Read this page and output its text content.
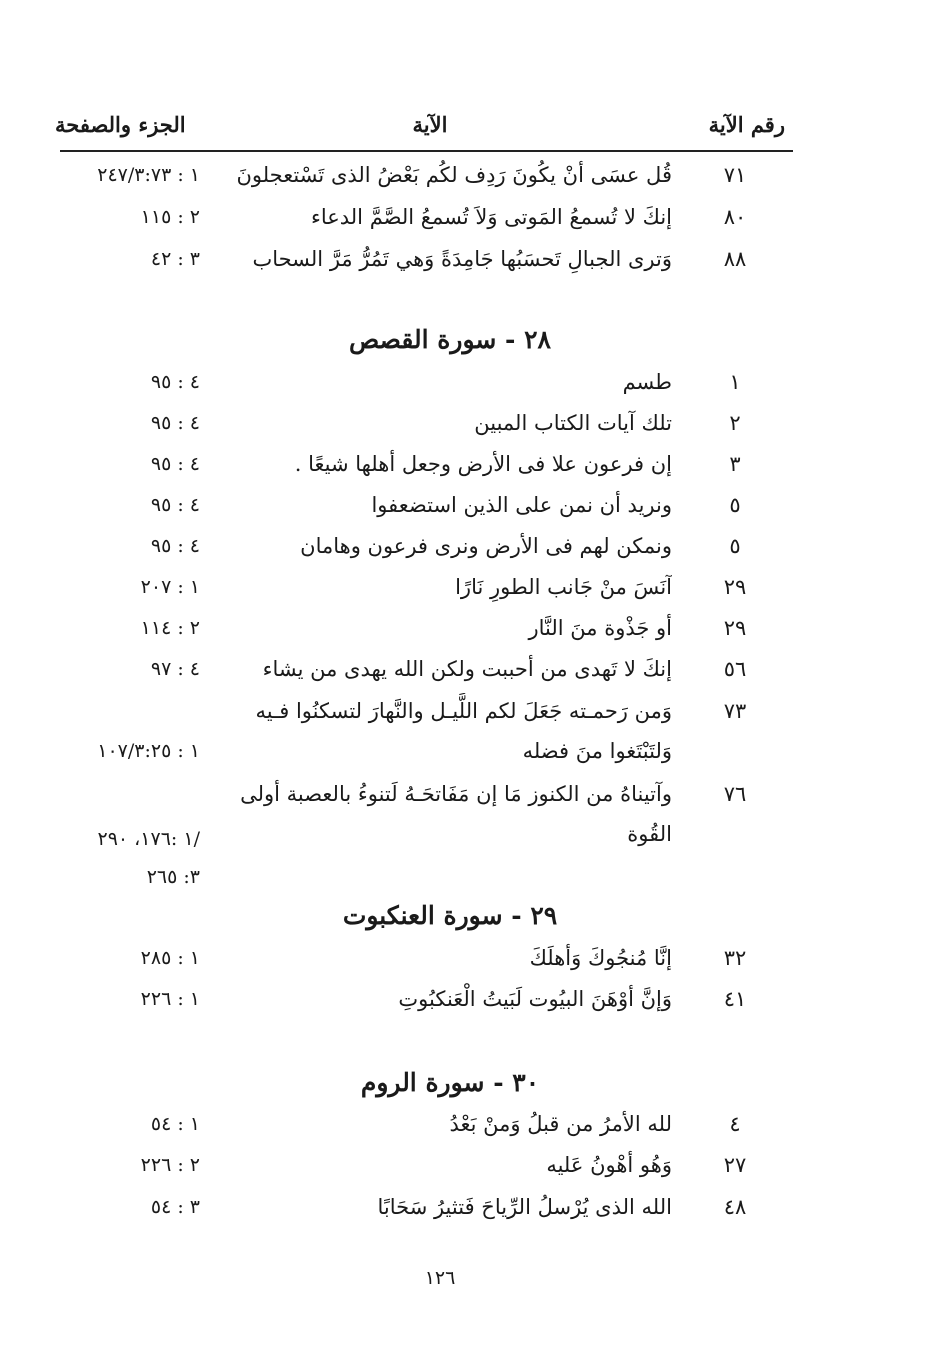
رقم الآية
الآية
الجزء والصفحة
٧١
قُل عسَى أنْ يكُونَ رَدِف لكُم بَعْضُ الذى تَسْتعجلونَ
١ : ٢٤٧/٣:٧٣
٨٠
إنكَ لا تُسمعُ المَوتى وَلاَ تُسمعُ الصَّمَّ الدعاء
٢ : ١١٥
٨٨
وَترى الجبالِ تَحسَبُها جَامِدَةً وَهي تَمُرُّ مَرَّ السحاب
٣ : ٤٢
٢٨ - سورة القصص
١
طسم
٤ : ٩٥
٢
تلك آيات الكتاب المبين
٤ : ٩٥
٣
إن فرعون علا فى الأرض وجعل أهلها شيعًا .
٤ : ٩٥
٥
ونريد أن نمن على الذين استضعفوا
٤ : ٩٥
٥
ونمكن لهم فى الأرض ونرى فرعون وهامان
٤ : ٩٥
٢٩
آنَسَ منْ جَانب الطورِ نَارًا
١ : ٢٠٧
٢٩
أو جَذْوة منَ النَّار
٢ : ١١٤
٥٦
إنكَ لا تَهدى من أحببت ولكن الله يهدى من يشاء
٤ : ٩٧
٧٣
وَمن رَحمـته جَعَلَ لكم اللَّيـل والنَّهارَ لتسكنُوا فـيه
وَلتَبْتَغوا منَ فضله
١ : ١٠٧/٣:٢٥
٧٦
وآتيناهُ من الكنوز مَا إن مَفَاتحَـهُ لَتنوءُ بالعصبة أولى
القُوة
١ :١٧٦، ٢٩٠/
٣: ٢٦٥
٢٩ - سورة العنكبوت
٣٢
إنَّا مُنجُوكَ وَأهلَكَ
١ : ٢٨٥
٤١
وَإنَّ أوْهَنَ البيُوت لَبَيتُ الْعَنكبُوتِ
١ : ٢٢٦
٣٠ - سورة الروم
٤
لله الأمرُ من قبلُ وَمنْ بَعْدُ
١ : ٥٤
٢٧
وَهُو أهْونُ عَليه
٢ : ٢٢٦
٤٨
الله الذى يُرْسلُ الرِّياحَ فَتثيرُ سَحَابًا
٣ : ٥٤
١٢٦
